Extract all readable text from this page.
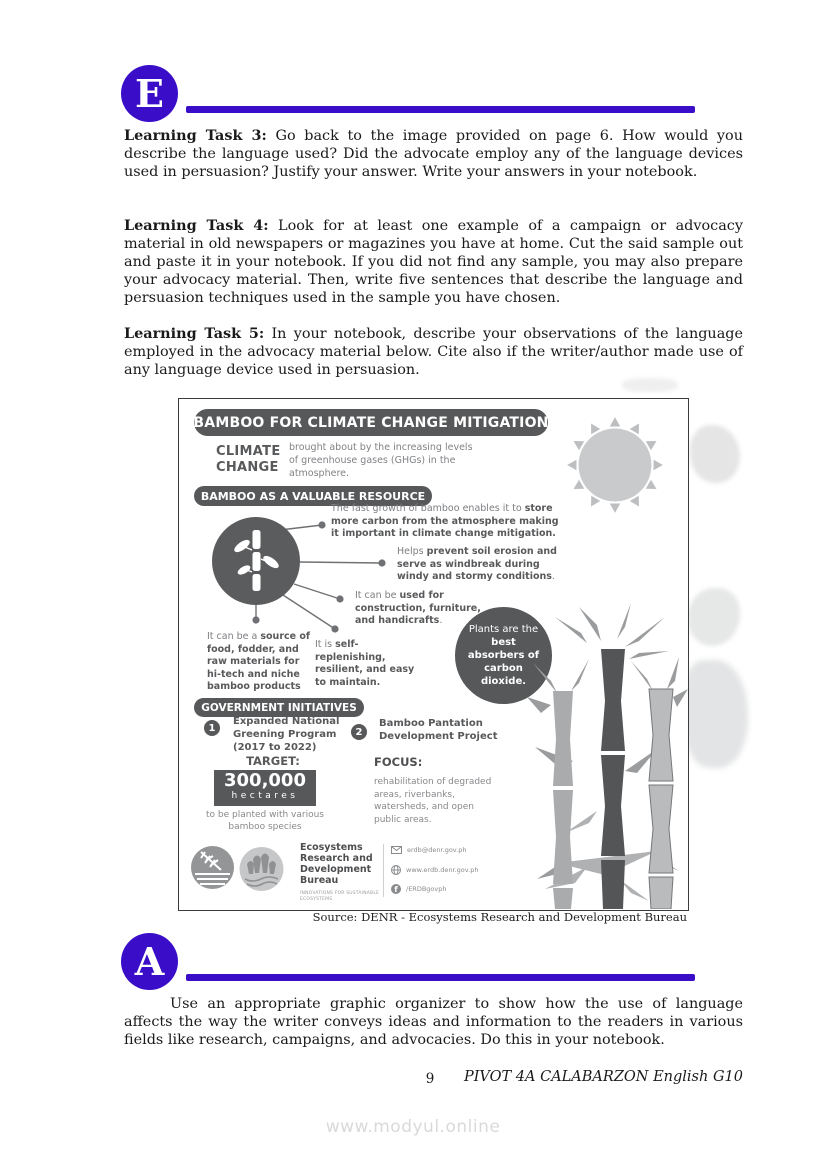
E

Learning Task 3: Go back to the image provided on page 6. How would you describe the language used? Did the advocate employ any of the language devices used in persuasion? Justify your answer. Write your answers in your notebook.

Learning Task 4: Look for at least one example of a campaign or advocacy material in old newspapers or magazines you have at home. Cut the said sample out and paste it in your notebook. If you did not find any sample, you may also prepare your advocacy material. Then, write five sentences that describe the language and persuasion techniques used in the sample you have chosen.

Learning Task 5: In your notebook, describe your observations of the language employed in the advocacy material below. Cite also if the writer/author made use of any language device used in persuasion.

BAMBOO FOR CLIMATE CHANGE MITIGATION
CLIMATE CHANGE
brought about by the increasing levels of greenhouse gases (GHGs) in the atmosphere.
BAMBOO AS A VALUABLE RESOURCE
The fast growth of bamboo enables it to store more carbon from the atmosphere making it important in climate change mitigation.
Helps prevent soil erosion and serve as windbreak during windy and stormy conditions.
It can be used for construction, furniture, and handicrafts.
It can be a source of food, fodder, and raw materials for hi-tech and niche bamboo products
It is self-replenishing, resilient, and easy to maintain.
Plants are the best absorbers of carbon dioxide.
GOVERNMENT INITIATIVES
1
Expanded National Greening Program (2017 to 2022)
2
Bamboo Pantation Development Project
TARGET:
300,000
hectares
to be planted with various bamboo species
FOCUS:
rehabilitation of degraded areas, riverbanks, watersheds, and open public areas.
Ecosystems Research and Development Bureau
INNOVATIONS FOR SUSTAINABLE ECOSYSTEMS
erdb@denr.gov.ph
www.erdb.denr.gov.ph
f /ERDBgovph
Source: DENR - Ecosystems Research and Development Bureau
A

Use an appropriate graphic organizer to show how the use of language affects the way the writer conveys ideas and information to the readers in various fields like research, campaigns, and advocacies. Do this in your notebook.

9	PIVOT 4A CALABARZON English G10
www.modyul.online
